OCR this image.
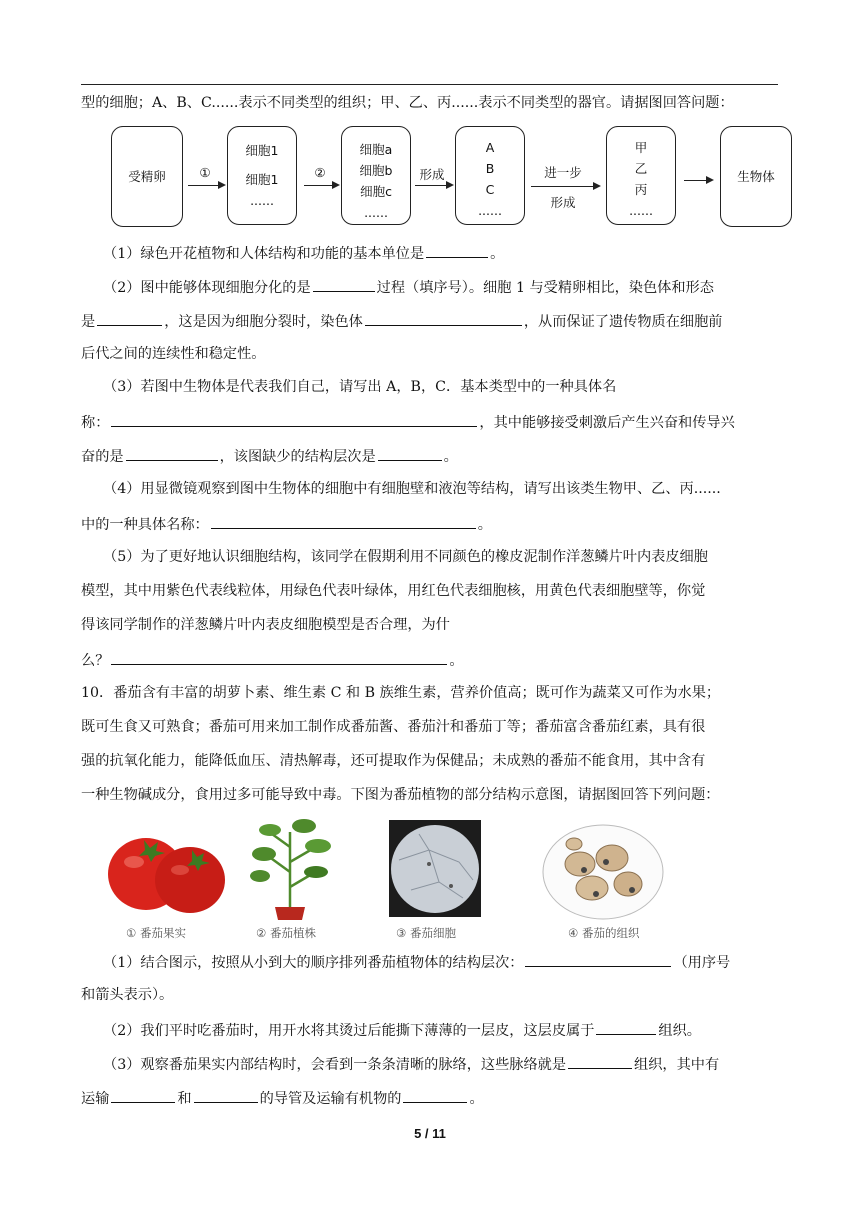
型的细胞；A、B、C......表示不同类型的组织；甲、乙、丙......表示不同类型的器官。请据图回答问题：
受精卵	①
细胞1
细胞1
......
②
细胞a
细胞b
细胞c
......
形成
A
B
C
......
进一步
形成
甲
乙
丙
......
生物体
（1）绿色开花植物和人体结构和功能的基本单位是	。
（2）图中能够体现细胞分化的是	过程（填序号）。细胞 1 与受精卵相比，染色体和形态
是	，这是因为细胞分裂时，染色体	，从而保证了遗传物质在细胞前
后代之间的连续性和稳定性。
（3）若图中生物体是代表我们自己，请写出 A，B，C．基本类型中的一种具体名
称：	，其中能够接受刺激后产生兴奋和传导兴
奋的是	，该图缺少的结构层次是	。
（4）用显微镜观察到图中生物体的细胞中有细胞壁和液泡等结构，请写出该类生物甲、乙、丙......
中的一种具体名称：	。
（5）为了更好地认识细胞结构，该同学在假期利用不同颜色的橡皮泥制作洋葱鳞片叶内表皮细胞
模型，其中用紫色代表线粒体，用绿色代表叶绿体，用红色代表细胞核，用黄色代表细胞壁等，你觉
得该同学制作的洋葱鳞片叶内表皮细胞模型是否合理，为什
么？	。
10．番茄含有丰富的胡萝卜素、维生素 C 和 B 族维生素，营养价值高；既可作为蔬菜又可作为水果；
既可生食又可熟食；番茄可用来加工制作成番茄酱、番茄汁和番茄丁等；番茄富含番茄红素，具有很
强的抗氧化能力，能降低血压、清热解毒，还可提取作为保健品；未成熟的番茄不能食用，其中含有
一种生物碱成分，食用过多可能导致中毒。下图为番茄植物的部分结构示意图，请据图回答下列问题：
① 番茄果实	② 番茄植株	③ 番茄细胞	④ 番茄的组织
（1）结合图示，按照从小到大的顺序排列番茄植物体的结构层次：	（用序号
和箭头表示）。
（2）我们平时吃番茄时，用开水将其烫过后能撕下薄薄的一层皮，这层皮属于	组织。
（3）观察番茄果实内部结构时，会看到一条条清晰的脉络，这些脉络就是	组织，其中有
运输	和	的导管及运输有机物的	。
5 / 11
